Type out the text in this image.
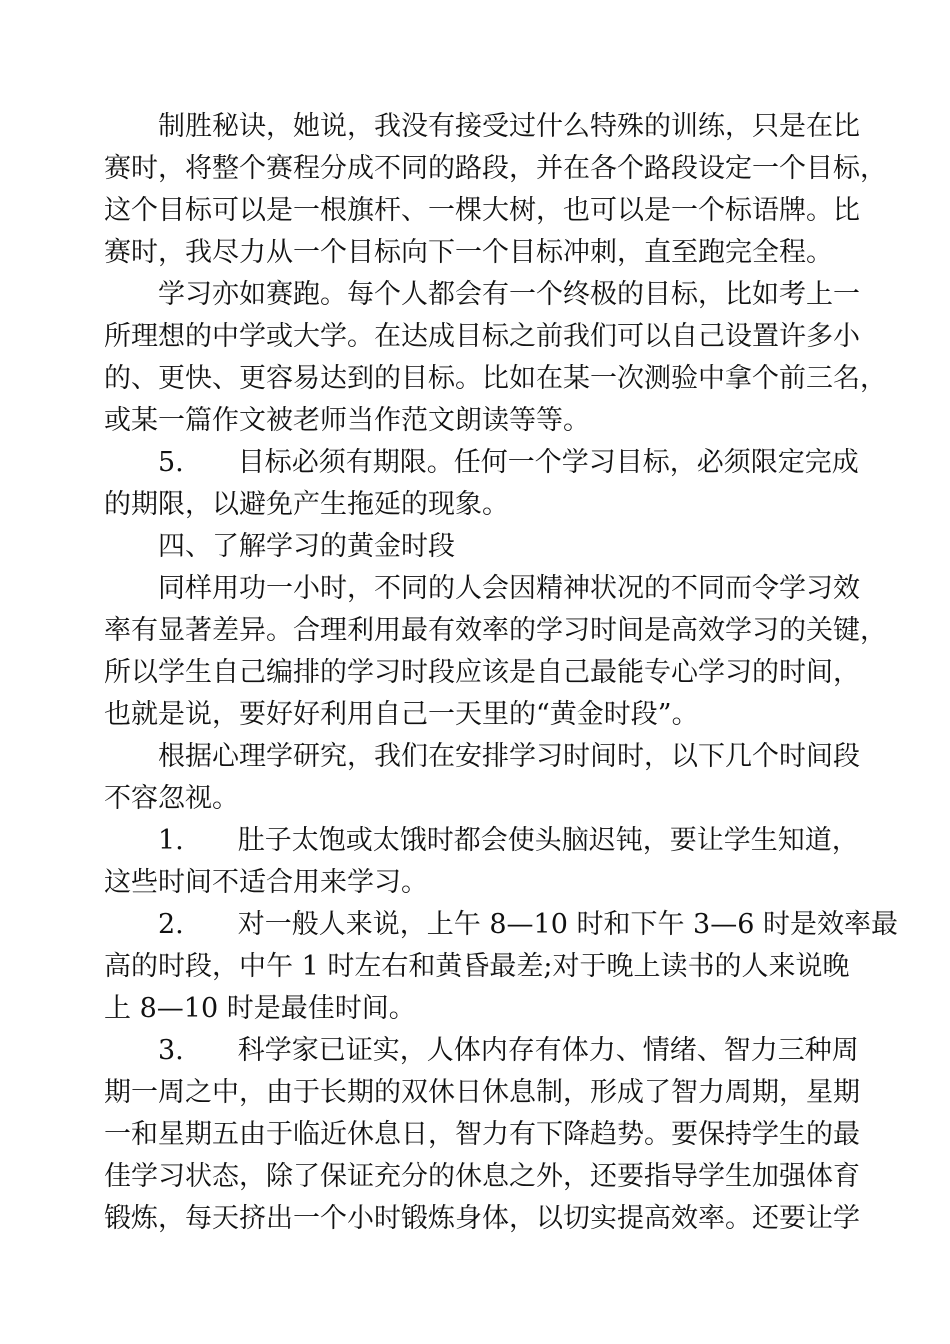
制胜秘诀，她说，我没有接受过什么特殊的训练，只是在比
赛时，将整个赛程分成不同的路段，并在各个路段设定一个目标，
这个目标可以是一根旗杆、一棵大树，也可以是一个标语牌。比
赛时，我尽力从一个目标向下一个目标冲刺，直至跑完全程。
学习亦如赛跑。每个人都会有一个终极的目标，比如考上一
所理想的中学或大学。在达成目标之前我们可以自己设置许多小
的、更快、更容易达到的目标。比如在某一次测验中拿个前三名，
或某一篇作文被老师当作范文朗读等等。
5.　　目标必须有期限。任何一个学习目标，必须限定完成
的期限，以避免产生拖延的现象。
四、了解学习的黄金时段
同样用功一小时，不同的人会因精神状况的不同而令学习效
率有显著差异。合理利用最有效率的学习时间是高效学习的关键，
所以学生自己编排的学习时段应该是自己最能专心学习的时间，
也就是说，要好好利用自己一天里的“黄金时段”。
根据心理学研究，我们在安排学习时间时，以下几个时间段
不容忽视。
1.　　肚子太饱或太饿时都会使头脑迟钝，要让学生知道，
这些时间不适合用来学习。
2.　　对一般人来说，上午 8—10 时和下午 3—6 时是效率最
高的时段，中午 1 时左右和黄昏最差;对于晚上读书的人来说晚
上 8—10 时是最佳时间。
3.　　科学家已证实，人体内存有体力、情绪、智力三种周
期一周之中，由于长期的双休日休息制，形成了智力周期，星期
一和星期五由于临近休息日，智力有下降趋势。要保持学生的最
佳学习状态，除了保证充分的休息之外，还要指导学生加强体育
锻炼，每天挤出一个小时锻炼身体，以切实提高效率。还要让学
